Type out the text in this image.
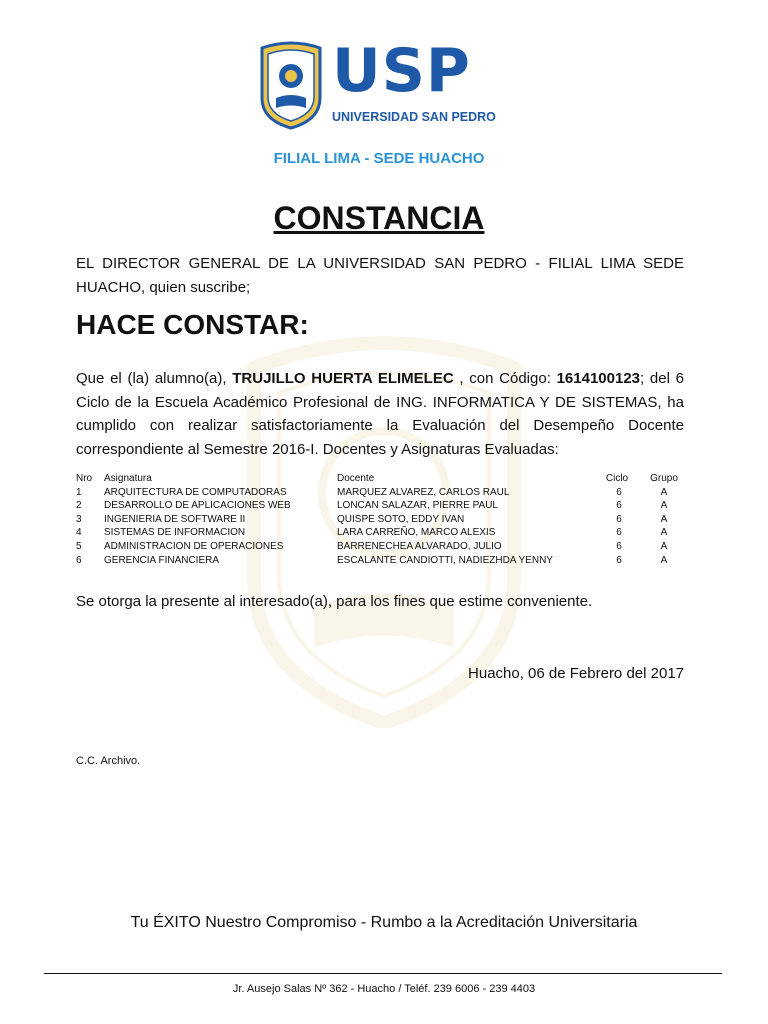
USP
UNIVERSIDAD SAN PEDRO
FILIAL LIMA - SEDE HUACHO
CONSTANCIA
EL DIRECTOR GENERAL DE LA UNIVERSIDAD SAN PEDRO - FILIAL LIMA SEDE HUACHO, quien suscribe;
HACE CONSTAR:
Que el (la) alumno(a), TRUJILLO HUERTA ELIMELEC , con Código: 1614100123; del 6 Ciclo de la Escuela Académico Profesional de ING. INFORMATICA Y DE SISTEMAS, ha cumplido con realizar satisfactoriamente la Evaluación del Desempeño Docente correspondiente al Semestre 2016-I. Docentes y Asignaturas Evaluadas:
Nro Asignatura	Docente	Ciclo	Grupo
1 ARQUITECTURA DE COMPUTADORAS	MARQUEZ ALVAREZ, CARLOS RAUL	6	A
2 DESARROLLO DE APLICACIONES WEB	LONCAN SALAZAR, PIERRE PAUL	6	A
3 INGENIERIA DE SOFTWARE II	QUISPE SOTO, EDDY IVAN	6	A
4 SISTEMAS DE INFORMACION	LARA CARREÑO, MARCO ALEXIS	6	A
5 ADMINISTRACION DE OPERACIONES	BARRENECHEA ALVARADO, JULIO	6	A
6 GERENCIA FINANCIERA	ESCALANTE CANDIOTTI, NADIEZHDA YENNY	6	A
Se otorga la presente al interesado(a), para los fines que estime conveniente.
Huacho, 06 de Febrero del 2017
C.C. Archivo.
Tu ÉXITO Nuestro Compromiso - Rumbo a la Acreditación Universitaria
Jr. Ausejo Salas Nº 362 - Huacho / Teléf. 239 6006 - 239 4403
